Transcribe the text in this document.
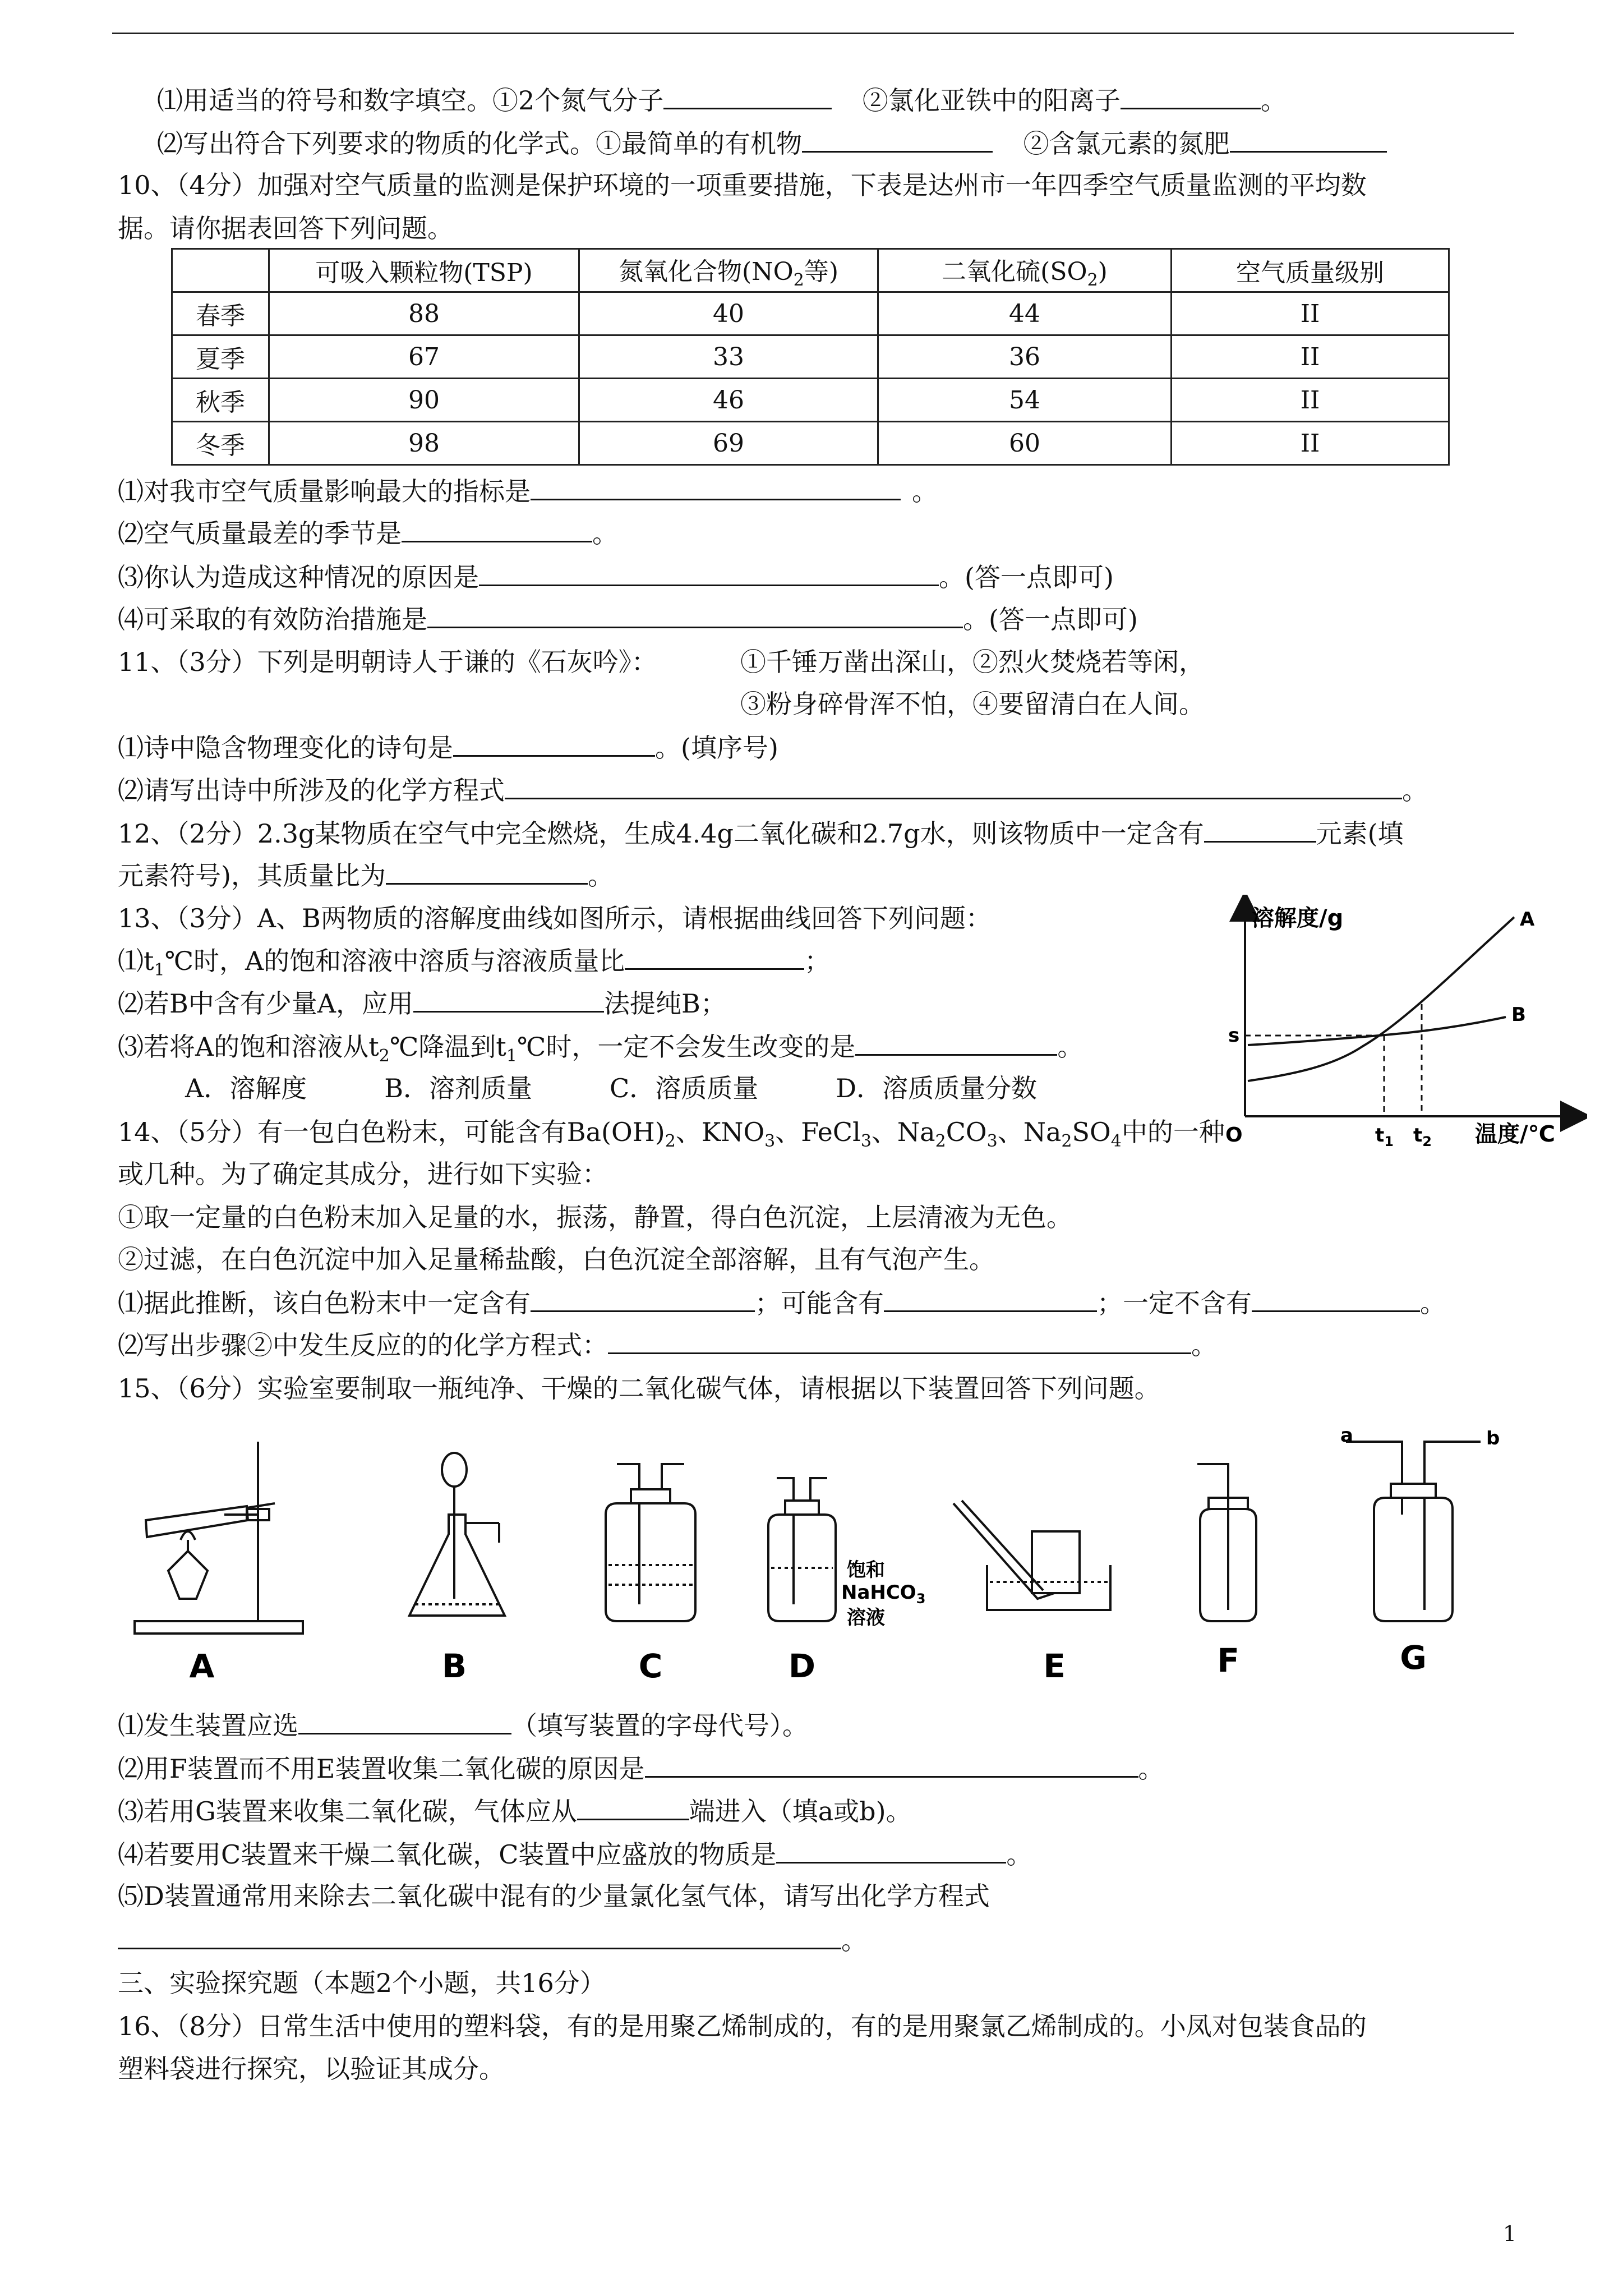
⑴用适当的符号和数字填空。①2个氮气分子	②氯化亚铁中的阳离子	。
⑵写出符合下列要求的物质的化学式。①最简单的有机物	②含氯元素的氮肥
10、（4分）加强对空气质量的监测是保护环境的一项重要措施，下表是达州市一年四季空气质量监测的平均数
据。请你据表回答下列问题。
	可吸入颗粒物(TSP)	氮氧化合物($NO_2$等)	二氧化硫$(SO_2)$	空气质量级别
春季	88	40	44	II
夏季	67	33	36	II
秋季	90	46	54	II
冬季	98	69	60	II
⑴对我市空气质量影响最大的指标是	。
⑵空气质量最差的季节是	。
⑶你认为造成这种情况的原因是	。(答一点即可)
⑷可采取的有效防治措施是	。(答一点即可)
11、（3分）下列是明朝诗人于谦的《石灰吟》：	①千锤万凿出深山，②烈火焚烧若等闲，
③粉身碎骨浑不怕，④要留清白在人间。
⑴诗中隐含物理变化的诗句是	。(填序号)
⑵请写出诗中所涉及的化学方程式	。
12、（2分）2.3g某物质在空气中完全燃烧，生成4.4g二氧化碳和2.7g水，则该物质中一定含有	元素(填
元素符号)，其质量比为	。
13、（3分）A、B两物质的溶解度曲线如图所示，请根据曲线回答下列问题：
$⑴t_1℃$时，A的饱和溶液中溶质与溶液质量比	；
⑵若B中含有少量A，应用	法提纯B；
⑶若将A的饱和溶液从$t_2℃$降温到$t_1℃$时，一定不会发生改变的是	。
A．溶解度　　　B．溶剂质量　　　C．溶质质量　　　D．溶质质量分数
溶解度/g
温度/℃
O
s
A
B
$t_1$ $t_2$
14、（5分）有一包白色粉末，可能含有$Ba(OH)_2$、$KNO_3$、FeCl$_3$、$Na_2CO_3$、$Na_2SO_4$中的一种
或几种。为了确定其成分，进行如下实验：
①取一定量的白色粉末加入足量的水，振荡，静置，得白色沉淀，上层清液为无色。
②过滤，在白色沉淀中加入足量稀盐酸，白色沉淀全部溶解，且有气泡产生。
⑴据此推断，该白色粉末中一定含有	；可能含有	；一定不含有	。
⑵写出步骤②中发生反应的的化学方程式：	。
15、（6分）实验室要制取一瓶纯净、干燥的二氧化碳气体，请根据以下装置回答下列问题。
A	B	C
饱和
NaHCO$_3$
溶液
D	E	F
a	b
G
⑴发生装置应选	（填写装置的字母代号）。
⑵用F装置而不用E装置收集二氧化碳的原因是	。
⑶若用G装置来收集二氧化碳，气体应从	端进入（填a或b)。
⑷若要用C装置来干燥二氧化碳，C装置中应盛放的物质是	。
⑸D装置通常用来除去二氧化碳中混有的少量氯化氢气体，请写出化学方程式
。
三、实验探究题（本题2个小题，共16分）
16、（8分）日常生活中使用的塑料袋，有的是用聚乙烯制成的，有的是用聚氯乙烯制成的。小凤对包装食品的
塑料袋进行探究，以验证其成分。
1
